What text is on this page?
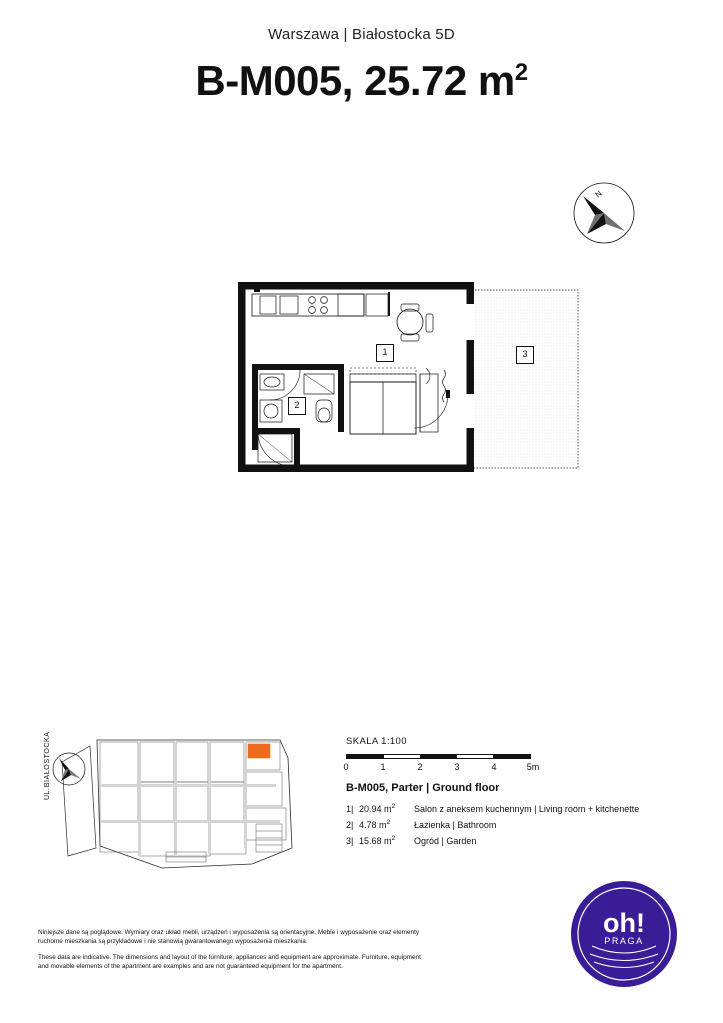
Warszawa | Białostocka 5D
B-M005, 25.72 $m^2$
N
1
2
3
SKALA 1:100
0	1	2	3	4	5m
B-M005, Parter | Ground floor
1| 20.94 $m^2$	Salon z aneksem kuchennym | Living room + kitchenette
2| 4.78 $m^2$	Łazienka | Bathroom
3| 15.68 $m^2$	Ogród | Garden
UL.BIAŁOSTOCKA
oh!
PRAGA

Niniejsze dane są poglądowe. Wymiary oraz układ mebli, urządzeń i wyposażenia są orientacyjne. Meble i wyposażenie oraz elementy ruchome mieszkania są przykładowe i nie stanowią gwarantowanego wyposażenia mieszkania.

These data are indicative. The dimensions and layout of the furniture, appliances and equipment are approximate. Furniture, equipment and movable elements of the apartment are examples and are not guaranteed equipment for the apartment.
